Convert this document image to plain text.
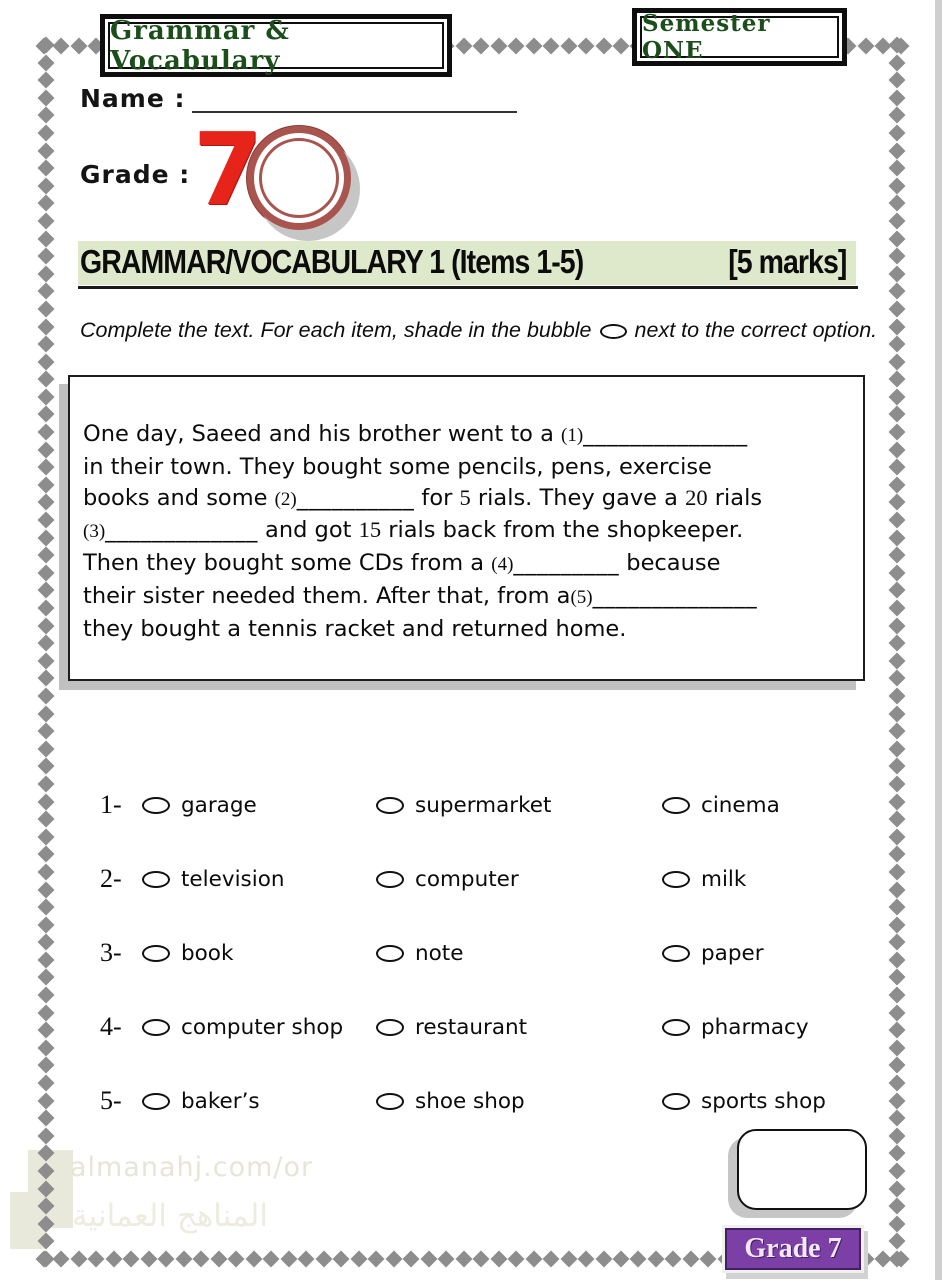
almanahj.com/or
المناهج العمانية
Grammar & Vocabulary
Semester ONE
Name :
Grade : 7
GRAMMAR/VOCABULARY 1 (Items 1-5)	[5 marks]
Complete the text. For each item, shade in the bubble next to the correct option.
One day, Saeed and his brother went to a (1)______________
in their town. They bought some pencils, pens, exercise
books and some (2)__________ for 5 rials. They gave a 20 rials
(3)_____________ and got 15 rials back from the shopkeeper.
Then they bought some CDs from a (4)_________ because
their sister needed them. After that, from a(5)______________
they bought a tennis racket and returned home.
1-	garage	supermarket	cinema
2-	television	computer	milk
3-	book	note	paper
4-	computer shop	restaurant	pharmacy
5-	baker’s	shoe shop	sports shop
Grade 7
